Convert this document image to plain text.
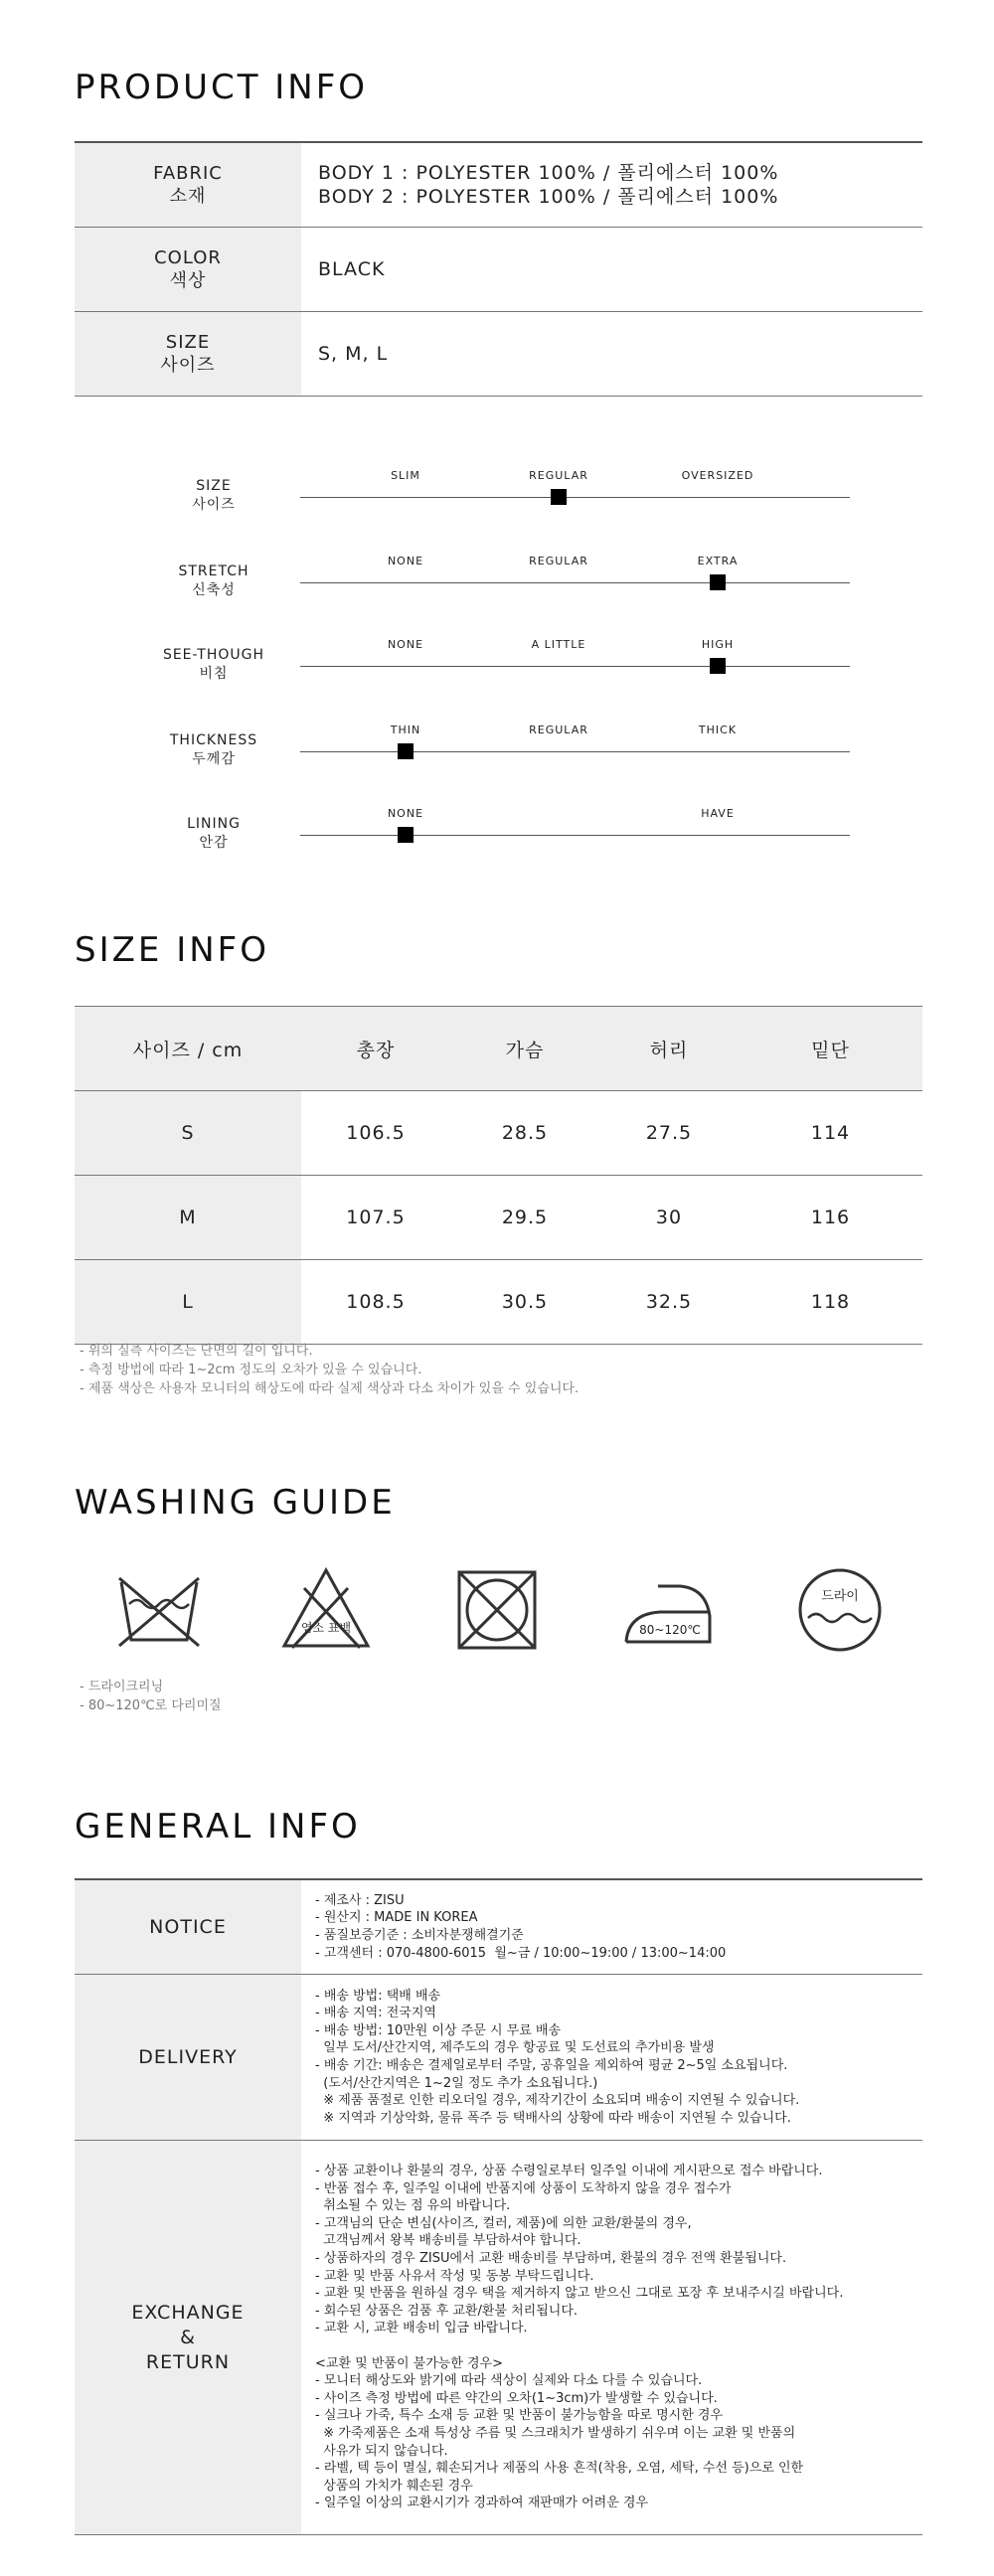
PRODUCT INFO
FABRIC
소재
BODY 1 : POLYESTER 100% / 폴리에스터 100%
BODY 2 : POLYESTER 100% / 폴리에스터 100%
COLOR
색상
BLACK
SIZE
사이즈
S, M, L
SIZE
사이즈
SLIM	REGULAR	OVERSIZED
STRETCH
신축성
NONE	REGULAR	EXTRA
SEE-THOUGH
비침
NONE	A LITTLE	HIGH
THICKNESS
두께감
THIN	REGULAR	THICK
LINING
안감
NONE	HAVE
SIZE INFO
사이즈 / cm	총장	가슴	허리	밑단
S	106.5	28.5	27.5	114
M	107.5	29.5	30	116
L	108.5	30.5	32.5	118
- 위의 실측 사이즈는 단면의 길이 입니다.
- 측정 방법에 따라 1~2cm 정도의 오차가 있을 수 있습니다.
- 제품 색상은 사용자 모니터의 해상도에 따라 실제 색상과 다소 차이가 있을 수 있습니다.
WASHING GUIDE
염소 표백	80~120℃
드라이
- 드라이크리닝
- 80~120℃로 다리미질
GENERAL INFO
NOTICE
- 제조사 : ZISU
- 원산지 : MADE IN KOREA
- 품질보증기준 : 소비자분쟁해결기준
- 고객센터 : 070-4800-6015  월~금 / 10:00~19:00 / 13:00~14:00
DELIVERY
- 배송 방법: 택배 배송
- 배송 지역: 전국지역
- 배송 방법: 10만원 이상 주문 시 무료 배송
일부 도서/산간지역, 제주도의 경우 항공료 및 도선료의 추가비용 발생
- 배송 기간: 배송은 결제일로부터 주말, 공휴일을 제외하여 평균 2~5일 소요됩니다.
(도서/산간지역은 1~2일 정도 추가 소요됩니다.)
※ 제품 품절로 인한 리오더일 경우, 제작기간이 소요되며 배송이 지연될 수 있습니다.
※ 지역과 기상악화, 물류 폭주 등 택배사의 상황에 따라 배송이 지연될 수 있습니다.
EXCHANGE
&
RETURN
- 상품 교환이나 환불의 경우, 상품 수령일로부터 일주일 이내에 게시판으로 접수 바랍니다.
- 반품 접수 후, 일주일 이내에 반품지에 상품이 도착하지 않을 경우 접수가
취소될 수 있는 점 유의 바랍니다.
- 고객님의 단순 변심(사이즈, 컬러, 제품)에 의한 교환/환불의 경우,
고객님께서 왕복 배송비를 부담하셔야 합니다.
- 상품하자의 경우 ZISU에서 교환 배송비를 부담하며, 환불의 경우 전액 환불됩니다.
- 교환 및 반품 사유서 작성 및 동봉 부탁드립니다.
- 교환 및 반품을 원하실 경우 택을 제거하지 않고 받으신 그대로 포장 후 보내주시길 바랍니다.
- 회수된 상품은 검품 후 교환/환불 처리됩니다.
- 교환 시, 교환 배송비 입금 바랍니다.

<교환 및 반품이 불가능한 경우>
- 모니터 해상도와 밝기에 따라 색상이 실제와 다소 다를 수 있습니다.
- 사이즈 측정 방법에 따른 약간의 오차(1~3cm)가 발생할 수 있습니다.
- 실크나 가죽, 특수 소재 등 교환 및 반품이 불가능함을 따로 명시한 경우
※ 가죽제품은 소재 특성상 주름 및 스크래치가 발생하기 쉬우며 이는 교환 및 반품의
사유가 되지 않습니다.
- 라벨, 텍 등이 멸실, 훼손되거나 제품의 사용 흔적(착용, 오염, 세탁, 수선 등)으로 인한
상품의 가치가 훼손된 경우
- 일주일 이상의 교환시기가 경과하여 재판매가 어려운 경우
